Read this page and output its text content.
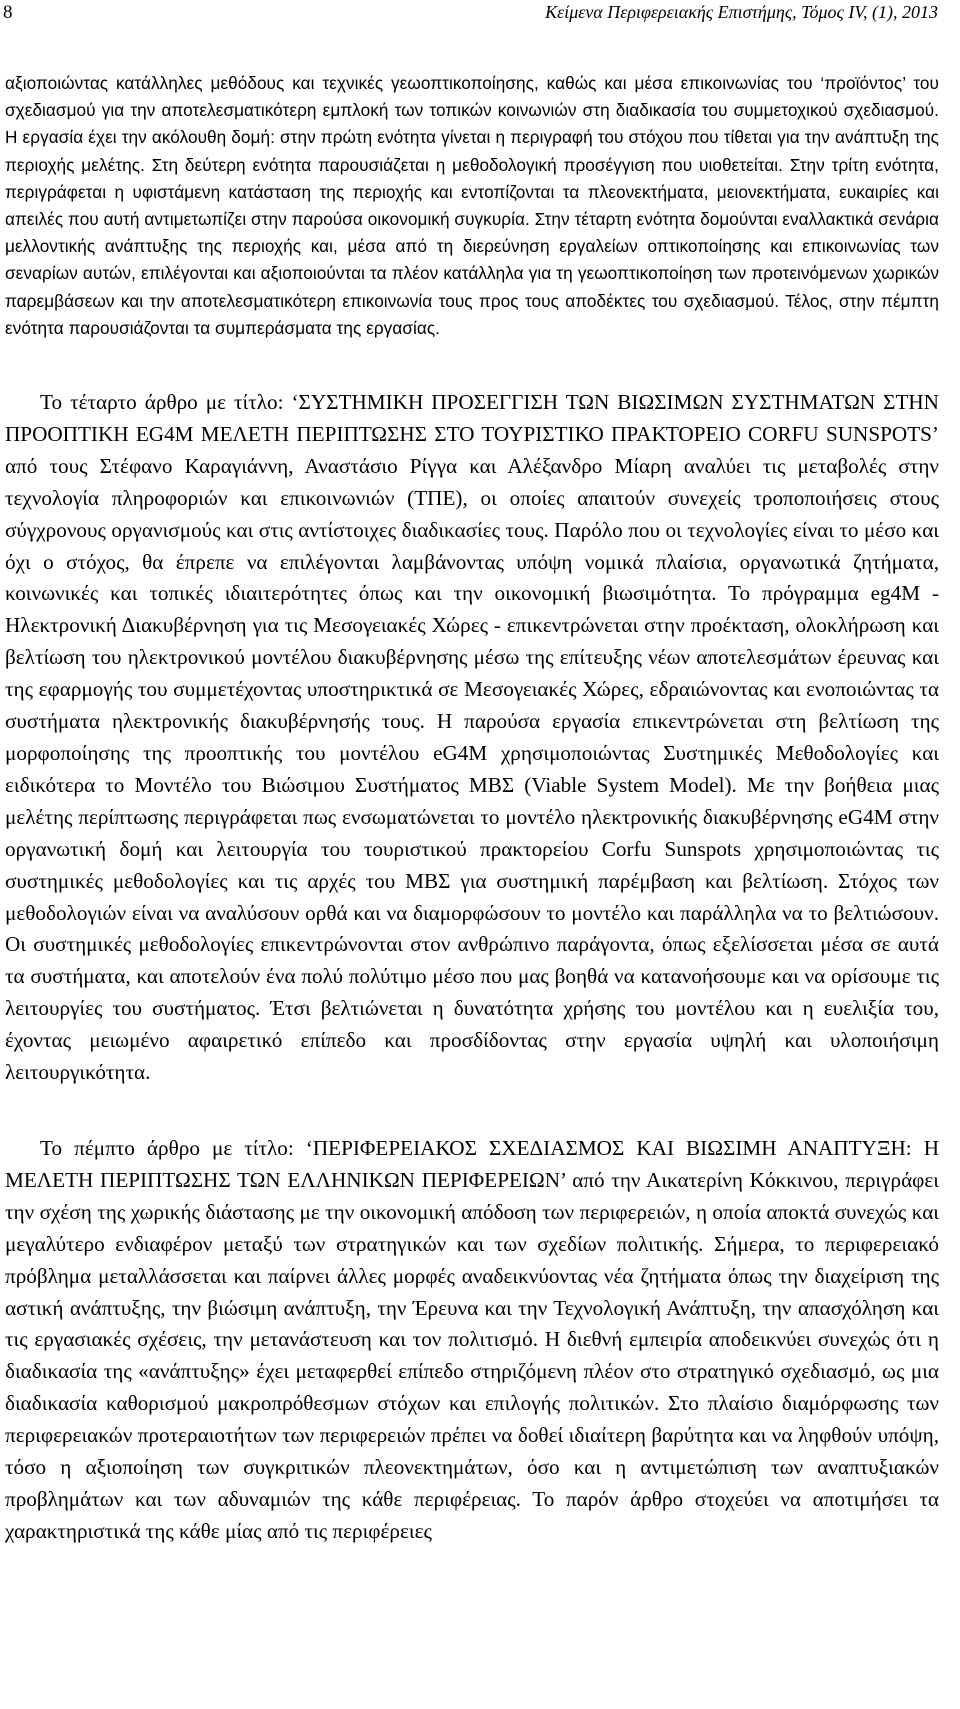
8	Κείμενα Περιφερειακής Επιστήμης, Τόμος IV, (1), 2013

αξιοποιώντας κατάλληλες μεθόδους και τεχνικές γεωοπτικοποίησης, καθώς και μέσα επικοινωνίας του ‘προϊόντος’ του σχεδιασμού για την αποτελεσματικότερη εμπλοκή των τοπικών κοινωνιών στη διαδικασία του συμμετοχικού σχεδιασμού. Η εργασία έχει την ακόλουθη δομή: στην πρώτη ενότητα γίνεται η περιγραφή του στόχου που τίθεται για την ανάπτυξη της περιοχής μελέτης. Στη δεύτερη ενότητα παρουσιάζεται η μεθοδολογική προσέγγιση που υιοθετείται. Στην τρίτη ενότητα, περιγράφεται η υφιστάμενη κατάσταση της περιοχής και εντοπίζονται τα πλεονεκτήματα, μειονεκτήματα, ευκαιρίες και απειλές που αυτή αντιμετωπίζει στην παρούσα οικονομική συγκυρία. Στην τέταρτη ενότητα δομούνται εναλλακτικά σενάρια μελλοντικής ανάπτυξης της περιοχής και, μέσα από τη διερεύνηση εργαλείων οπτικοποίησης και επικοινωνίας των σεναρίων αυτών, επιλέγονται και αξιοποιούνται τα πλέον κατάλληλα για τη γεωοπτικοποίηση των προτεινόμενων χωρικών παρεμβάσεων και την αποτελεσματικότερη επικοινωνία τους προς τους αποδέκτες του σχεδιασμού. Τέλος, στην πέμπτη ενότητα παρουσιάζονται τα συμπεράσματα της εργασίας.

Το τέταρτο άρθρο με τίτλο: ‘ΣΥΣΤΗΜΙΚΗ ΠΡΟΣΕΓΓΙΣΗ ΤΩΝ ΒΙΩΣΙΜΩΝ ΣΥΣΤΗΜΑΤΩΝ ΣΤΗΝ ΠΡΟΟΠΤΙΚΗ EG4M ΜΕΛΕΤΗ ΠΕΡΙΠΤΩΣΗΣ ΣΤΟ ΤΟΥΡΙΣΤΙΚΟ ΠΡΑΚΤΟΡΕΙΟ CORFU SUNSPOTS’ από τους Στέφανο Καραγιάννη, Αναστάσιο Ρίγγα και Αλέξανδρο Μίαρη αναλύει τις μεταβολές στην τεχνολογία πληροφοριών και επικοινωνιών (ΤΠΕ), οι οποίες απαιτούν συνεχείς τροποποιήσεις στους σύγχρονους οργανισμούς και στις αντίστοιχες διαδικασίες τους. Παρόλο που οι τεχνολογίες είναι το μέσο και όχι ο στόχος, θα έπρεπε να επιλέγονται λαμβάνοντας υπόψη νομικά πλαίσια, οργανωτικά ζητήματα, κοινωνικές και τοπικές ιδιαιτερότητες όπως και την οικονομική βιωσιμότητα. Το πρόγραμμα eg4M - Ηλεκτρονική Διακυβέρνηση για τις Μεσογειακές Χώρες - επικεντρώνεται στην προέκταση, ολοκλήρωση και βελτίωση του ηλεκτρονικού μοντέλου διακυβέρνησης μέσω της επίτευξης νέων αποτελεσμάτων έρευνας και της εφαρμογής του συμμετέχοντας υποστηρικτικά σε Μεσογειακές Χώρες, εδραιώνοντας και ενοποιώντας τα συστήματα ηλεκτρονικής διακυβέρνησής τους. Η παρούσα εργασία επικεντρώνεται στη βελτίωση της μορφοποίησης της προοπτικής του μοντέλου eG4M χρησιμοποιώντας Συστημικές Μεθοδολογίες και ειδικότερα το Μοντέλο του Βιώσιμου Συστήματος ΜΒΣ (Viable System Model). Με την βοήθεια μιας μελέτης περίπτωσης περιγράφεται πως ενσωματώνεται το μοντέλο ηλεκτρονικής διακυβέρνησης eG4M στην οργανωτική δομή και λειτουργία του τουριστικού πρακτορείου Corfu Sunspots χρησιμοποιώντας τις συστημικές μεθοδολογίες και τις αρχές του ΜΒΣ για συστημική παρέμβαση και βελτίωση. Στόχος των μεθοδολογιών είναι να αναλύσουν ορθά και να διαμορφώσουν το μοντέλο και παράλληλα να το βελτιώσουν. Οι συστημικές μεθοδολογίες επικεντρώνονται στον ανθρώπινο παράγοντα, όπως εξελίσσεται μέσα σε αυτά τα συστήματα, και αποτελούν ένα πολύ πολύτιμο μέσο που μας βοηθά να κατανοήσουμε και να ορίσουμε τις λειτουργίες του συστήματος. Έτσι βελτιώνεται η δυνατότητα χρήσης του μοντέλου και η ευελιξία του, έχοντας μειωμένο αφαιρετικό επίπεδο και προσδίδοντας στην εργασία υψηλή και υλοποιήσιμη λειτουργικότητα.

Το πέμπτο άρθρο με τίτλο: ‘ΠΕΡΙΦΕΡΕΙΑΚΟΣ ΣΧΕΔΙΑΣΜΟΣ ΚΑΙ ΒΙΩΣΙΜΗ ΑΝΑΠΤΥΞΗ: Η ΜΕΛΕΤΗ ΠΕΡΙΠΤΩΣΗΣ ΤΩΝ ΕΛΛΗΝΙΚΩΝ ΠΕΡΙΦΕΡΕΙΩΝ’ από την Αικατερίνη Κόκκινου, περιγράφει την σχέση της χωρικής διάστασης με την οικονομική απόδοση των περιφερειών, η οποία αποκτά συνεχώς και μεγαλύτερο ενδιαφέρον μεταξύ των στρατηγικών και των σχεδίων πολιτικής. Σήμερα, το περιφερειακό πρόβλημα μεταλλάσσεται και παίρνει άλλες μορφές αναδεικνύοντας νέα ζητήματα όπως την διαχείριση της αστική ανάπτυξης, την βιώσιμη ανάπτυξη, την Έρευνα και την Τεχνολογική Ανάπτυξη, την απασχόληση και τις εργασιακές σχέσεις, την μετανάστευση και τον πολιτισμό. Η διεθνή εμπειρία αποδεικνύει συνεχώς ότι η διαδικασία της «ανάπτυξης» έχει μεταφερθεί επίπεδο στηριζόμενη πλέον στο στρατηγικό σχεδιασμό, ως μια διαδικασία καθορισμού μακροπρόθεσμων στόχων και επιλογής πολιτικών. Στο πλαίσιο διαμόρφωσης των περιφερειακών προτεραιοτήτων των περιφερειών πρέπει να δοθεί ιδιαίτερη βαρύτητα και να ληφθούν υπόψη, τόσο η αξιοποίηση των συγκριτικών πλεονεκτημάτων, όσο και η αντιμετώπιση των αναπτυξιακών προβλημάτων και των αδυναμιών της κάθε περιφέρειας. Το παρόν άρθρο στοχεύει να αποτιμήσει τα χαρακτηριστικά της κάθε μίας από τις περιφέρειες
